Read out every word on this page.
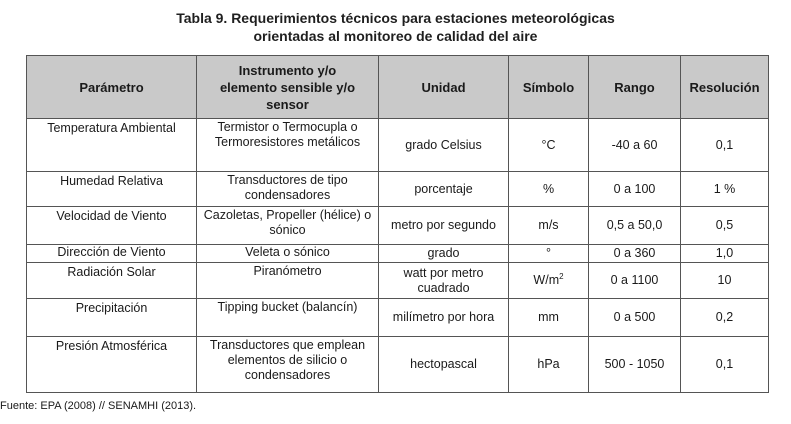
Tabla 9. Requerimientos técnicos para estaciones meteorológicas
orientadas al monitoreo de calidad del aire
Parámetro	Instrumento y/o elemento sensible y/o sensor	Unidad	Símbolo	Rango	Resolución
Temperatura Ambiental	Termistor o Termocupla o Termoresistores metálicos	grado Celsius	°C	-40 a 60	0,1
Humedad Relativa	Transductores de tipo condensadores	porcentaje	%	0 a 100	1 %
Velocidad de Viento	Cazoletas, Propeller (hélice) o sónico	metro por segundo	m/s	0,5 a 50,0	0,5
Dirección de Viento	Veleta o sónico	grado	°	0 a 360	1,0
Radiación Solar	Piranómetro	watt por metro cuadrado	$W/m^2$	0 a 1100	10
Precipitación	Tipping bucket (balancín)	milímetro por hora	mm	0 a 500	0,2
Presión Atmosférica	Transductores que emplean elementos de silicio o condensadores	hectopascal	hPa	500 - 1050	0,1
Fuente: EPA (2008) // SENAMHI (2013).
